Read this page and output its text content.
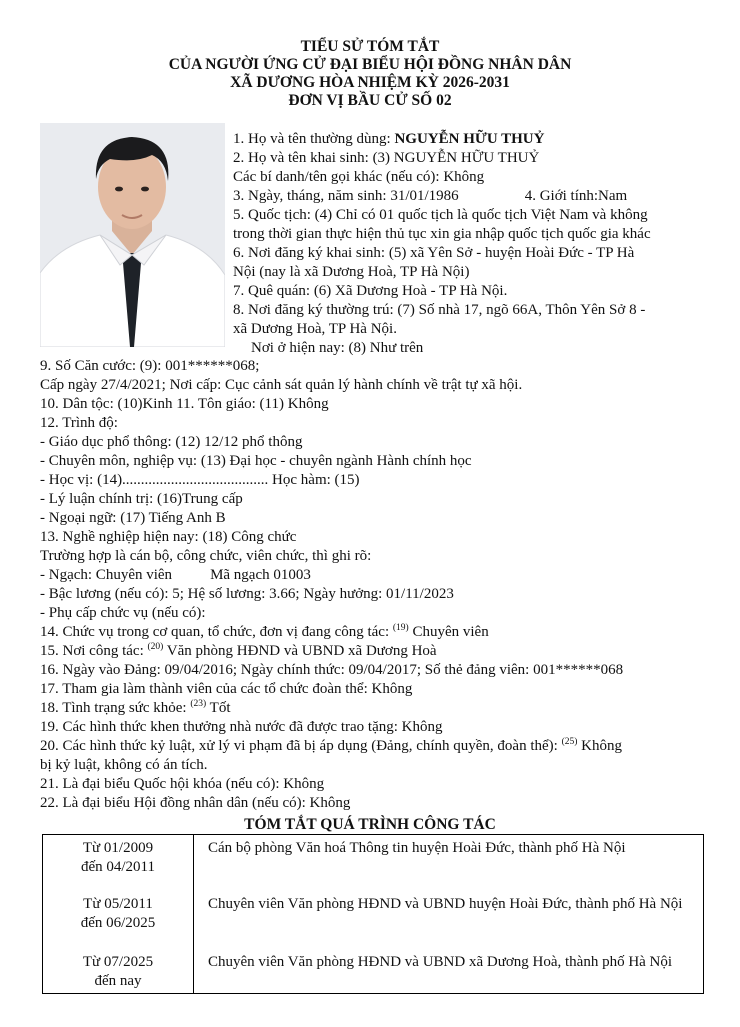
TIỂU SỬ TÓM TẮT
CỦA NGƯỜI ỨNG CỬ ĐẠI BIỂU HỘI ĐỒNG NHÂN DÂN
XÃ DƯƠNG HÒA NHIỆM KỲ 2026-2031
ĐƠN VỊ BẦU CỬ SỐ 02
1. Họ và tên thường dùng: NGUYỄN HỮU THUỶ
2. Họ và tên khai sinh: (3) NGUYỄN HỮU THUỶ
Các bí danh/tên gọi khác (nếu có): Không
3. Ngày, tháng, năm sinh: 31/01/1986	4. Giới tính:Nam
5. Quốc tịch: (4) Chỉ có 01 quốc tịch là quốc tịch Việt Nam và không
trong thời gian thực hiện thủ tục xin gia nhập quốc tịch quốc gia khác
6. Nơi đăng ký khai sinh: (5) xã Yên Sở - huyện Hoài Đức - TP Hà
Nội (nay là xã Dương Hoà, TP Hà Nội)
7. Quê quán: (6) Xã Dương Hoà - TP Hà Nội.
8. Nơi đăng ký thường trú: (7) Số nhà 17, ngõ 66A, Thôn Yên Sở 8 -
xã Dương Hoà, TP Hà Nội.
Nơi ở hiện nay: (8) Như trên
9. Số Căn cước: (9): 001******068;
Cấp ngày 27/4/2021; Nơi cấp: Cục cảnh sát quản lý hành chính về trật tự xã hội.
10. Dân tộc: (10)Kinh 11. Tôn giáo: (11) Không
12. Trình độ:
- Giáo dục phổ thông: (12) 12/12 phổ thông
- Chuyên môn, nghiệp vụ: (13) Đại học - chuyên ngành Hành chính học
- Học vị: (14)....................................... Học hàm: (15)
- Lý luận chính trị: (16)Trung cấp
- Ngoại ngữ: (17) Tiếng Anh B
13. Nghề nghiệp hiện nay: (18) Công chức
Trường hợp là cán bộ, công chức, viên chức, thì ghi rõ:
- Ngạch: Chuyên viên	Mã ngạch 01003
- Bậc lương (nếu có): 5; Hệ số lương: 3.66; Ngày hưởng: 01/11/2023
- Phụ cấp chức vụ (nếu có):
14. Chức vụ trong cơ quan, tổ chức, đơn vị đang công tác: $^{(19)}$ Chuyên viên
15. Nơi công tác: $^{(20)}$ Văn phòng HĐND và UBND xã Dương Hoà
16. Ngày vào Đảng: 09/04/2016; Ngày chính thức: 09/04/2017; Số thẻ đảng viên: 001******068
17. Tham gia làm thành viên của các tổ chức đoàn thể: Không
18. Tình trạng sức khỏe: $^{(23)}$ Tốt
19. Các hình thức khen thưởng nhà nước đã được trao tặng: Không
20. Các hình thức kỷ luật, xử lý vi phạm đã bị áp dụng (Đảng, chính quyền, đoàn thể): $^{(25)}$ Không
bị kỷ luật, không có án tích.
21. Là đại biểu Quốc hội khóa (nếu có): Không
22. Là đại biểu Hội đồng nhân dân (nếu có): Không
TÓM TẮT QUÁ TRÌNH CÔNG TÁC
Từ 01/2009
đến 04/2011	Cán bộ phòng Văn hoá Thông tin huyện Hoài Đức, thành phố Hà Nội
Từ 05/2011
đến 06/2025	Chuyên viên Văn phòng HĐND và UBND huyện Hoài Đức, thành phố Hà Nội
Từ 07/2025
đến nay	Chuyên viên Văn phòng HĐND và UBND xã Dương Hoà, thành phố Hà Nội
